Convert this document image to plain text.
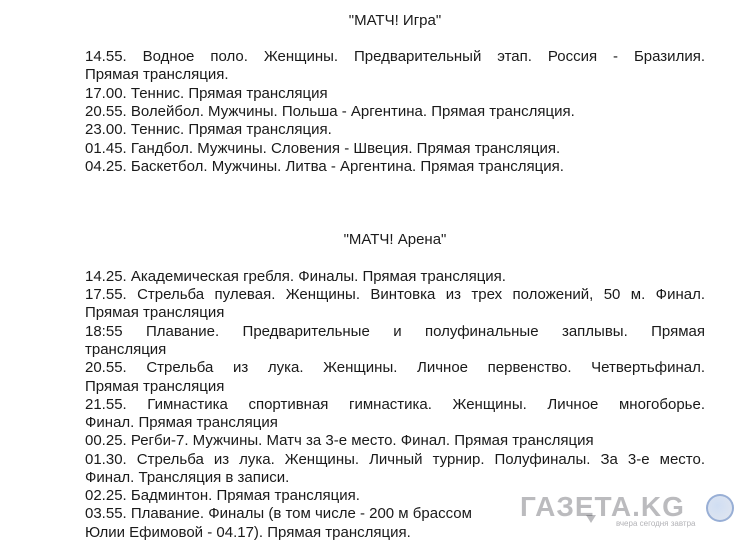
"МАТЧ! Игра"
14.55. Водное поло. Женщины. Предварительный этап. Россия - Бразилия.
Прямая трансляция.
17.00. Теннис. Прямая трансляция
20.55. Волейбол. Мужчины. Польша - Аргентина. Прямая трансляция.
23.00. Теннис. Прямая трансляция.
01.45. Гандбол. Мужчины. Словения - Швеция. Прямая трансляция.
04.25. Баскетбол. Мужчины. Литва - Аргентина. Прямая трансляция.
"МАТЧ! Арена"
14.25. Академическая гребля. Финалы. Прямая трансляция.
17.55. Стрельба пулевая. Женщины. Винтовка из трех положений, 50 м. Финал.
Прямая трансляция
18:55 Плавание. Предварительные и полуфинальные заплывы. Прямая
трансляция
20.55. Стрельба из лука. Женщины. Личное первенство. Четвертьфинал.
Прямая трансляция
21.55. Гимнастика спортивная гимнастика. Женщины. Личное многоборье.
Финал. Прямая трансляция
00.25. Регби-7. Мужчины. Матч за 3-е место. Финал. Прямая трансляция
01.30. Стрельба из лука. Женщины. Личный турнир. Полуфиналы. За 3-е место.
Финал. Трансляция в записи.
02.25. Бадминтон. Прямая трансляция.
03.55. Плавание. Финалы (в том числе - 200 м брассом
Юлии Ефимовой - 04.17). Прямая трансляция.
ГАЗЕТА.KG
вчера сегодня завтра
